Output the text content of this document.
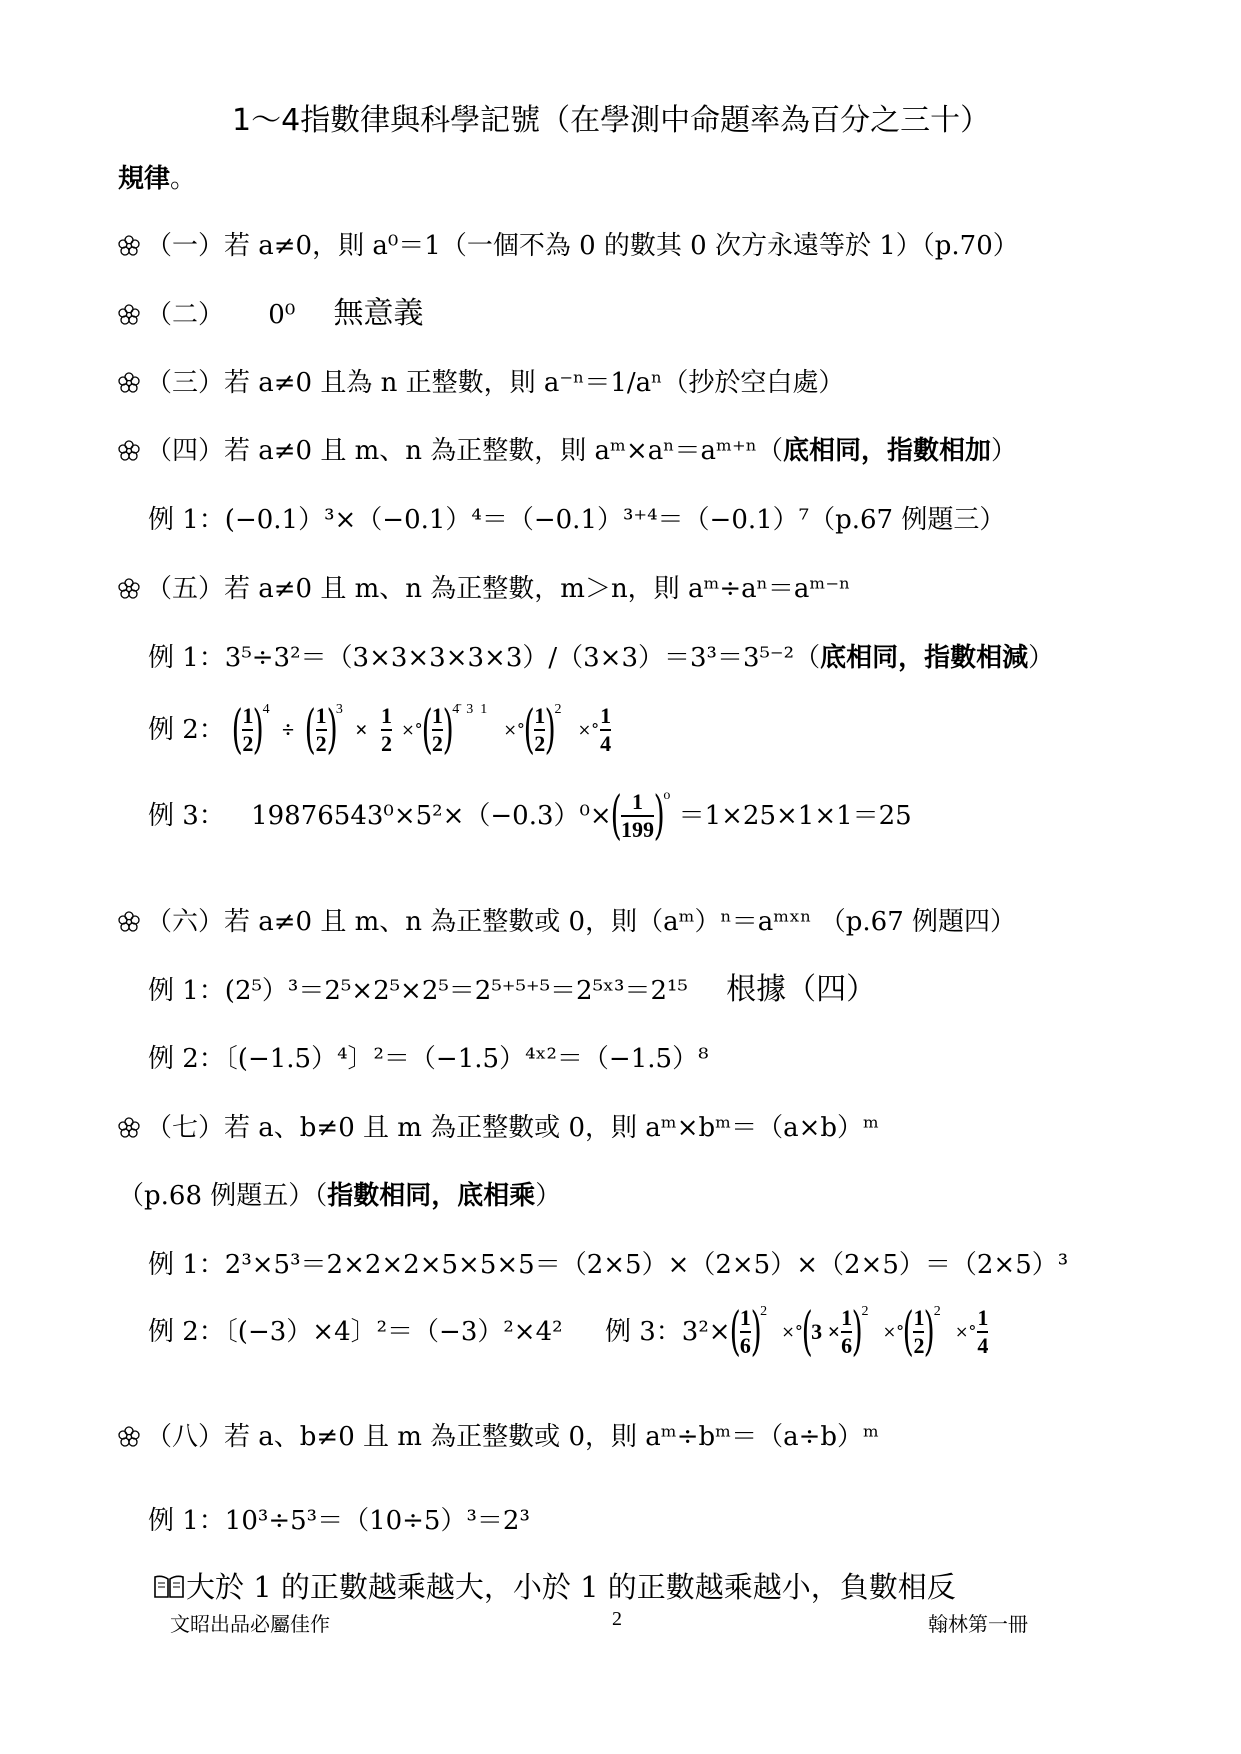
1～4指數律與科學記號（在學測中命題率為百分之三十）
規律。
（一）若 a≠0，則 a⁰＝1（一個不為 0 的數其 0 次方永遠等於 1）（p.70）
（二） 0⁰ 無意義
（三）若 a≠0 且為 n 正整數，則 a⁻ⁿ＝1/aⁿ（抄於空白處）
（四）若 a≠0 且 m、n 為正整數，則 aᵐ×aⁿ＝aᵐ⁺ⁿ（底相同，指數相加）
例 1：(−0.1）³×（−0.1）⁴＝（−0.1）³⁺⁴＝（−0.1）⁷（p.67 例題三）
（五）若 a≠0 且 m、n 為正整數，m＞n，則 aᵐ÷aⁿ＝aᵐ⁻ⁿ
例 1：3⁵÷3²＝（3×3×3×3×3）/（3×3）＝3³＝3⁵⁻²（底相同，指數相減）
例 2： ( $\frac{1}{2} )^4$ ÷ ( $\frac{1}{2} )^3 \times \frac{1}{2}$ ×°( $\frac{1}{2} )^{4̄ 3 1}$ ×°( $\frac{1}{2} )^2$ ×° $\frac{1}{4}$
例 3： $19876543^0\times 5^2\times(-0.3)^0\times( \frac{1}{199} )^o =1\times 25\times 1\times 1=25$
（六）若 a≠0 且 m、n 為正整數或 0，則（aᵐ）ⁿ＝aᵐˣⁿ （p.67 例題四）
例 1：(2⁵）³＝2⁵×2⁵×2⁵＝2⁵⁺⁵⁺⁵＝2⁵ˣ³＝2¹⁵ 根據（四）
例 2：〔(−1.5）⁴〕²＝（−1.5）⁴ˣ²＝（−1.5）⁸
（七）若 a、b≠0 且 m 為正整數或 0，則 aᵐ×bᵐ＝（a×b）ᵐ
（p.68 例題五）（指數相同，底相乘）
例 1：2³×5³＝2×2×2×5×5×5＝（2×5）×（2×5）×（2×5）＝（2×5）³
例 2：〔(−3）×4〕²＝（−3）²×4² 例 3：$3^2\times( \frac{1}{6} )^2 \times^\circ(3 \times \frac{1}{6} )^2$ ×°( $\frac{1}{2} )^2$ ×° $\frac{1}{4}$
（八）若 a、b≠0 且 m 為正整數或 0，則 aᵐ÷bᵐ＝（a÷b）ᵐ
例 1：10³÷5³＝（10÷5）³＝2³
大於 1 的正數越乘越大，小於 1 的正數越乘越小，負數相反
文昭出品必屬佳作	2	翰林第一冊
